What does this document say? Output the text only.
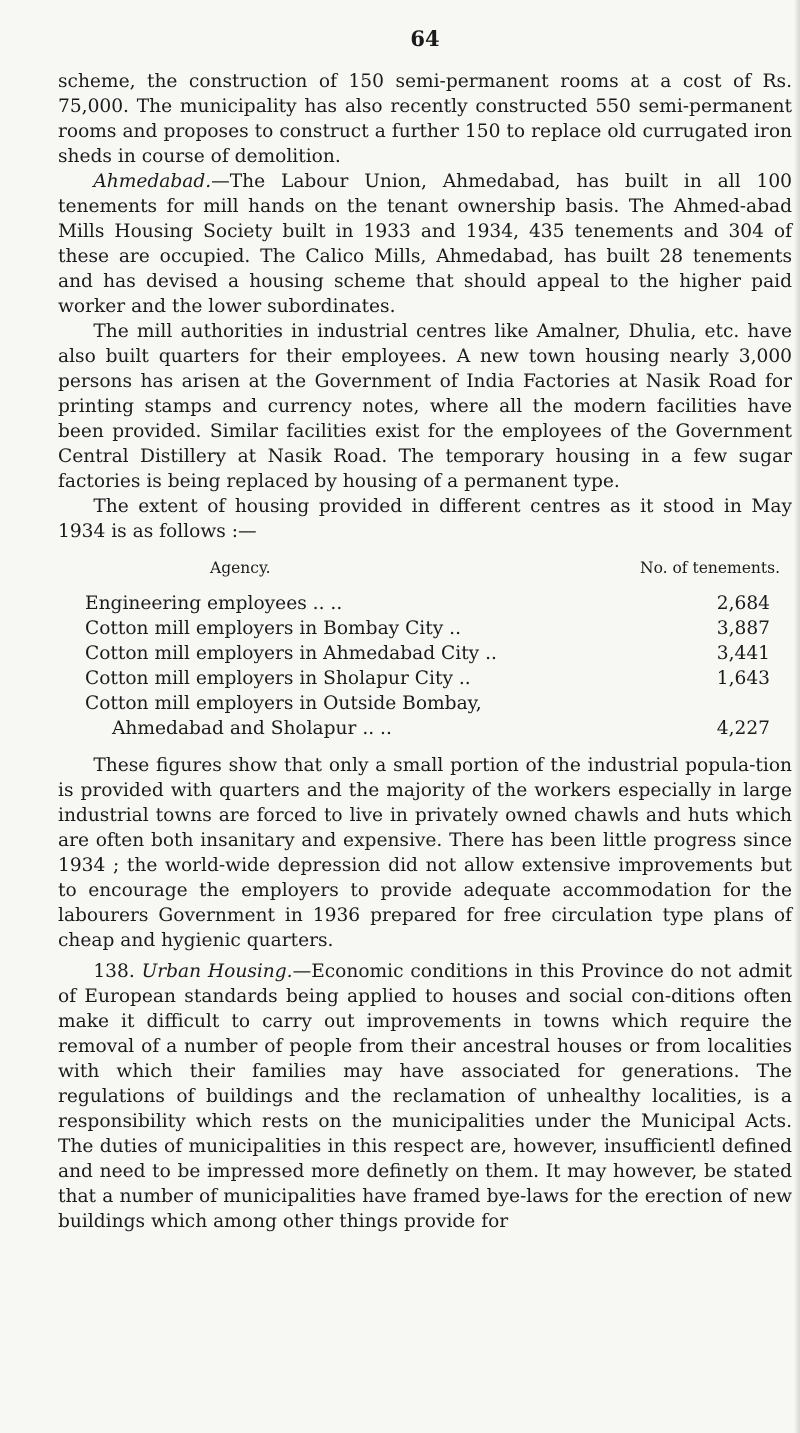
64

scheme, the construction of 150 semi-permanent rooms at a cost of Rs. 75,000. The municipality has also recently constructed 550 semi-permanent rooms and proposes to construct a further 150 to replace old currugated iron sheds in course of demolition.

Ahmedabad.—The Labour Union, Ahmedabad, has built in all 100 tenements for mill hands on the tenant ownership basis. The Ahmed-abad Mills Housing Society built in 1933 and 1934, 435 tenements and 304 of these are occupied. The Calico Mills, Ahmedabad, has built 28 tenements and has devised a housing scheme that should appeal to the higher paid worker and the lower subordinates.

The mill authorities in industrial centres like Amalner, Dhulia, etc. have also built quarters for their employees. A new town housing nearly 3,000 persons has arisen at the Government of India Factories at Nasik Road for printing stamps and currency notes, where all the modern facilities have been provided. Similar facilities exist for the employees of the Government Central Distillery at Nasik Road. The temporary housing in a few sugar factories is being replaced by housing of a permanent type.

The extent of housing provided in different centres as it stood in May 1934 is as follows :—

Agency.	No. of tenements.
Engineering employees .. ..	2,684
Cotton mill employers in Bombay City ..	3,887
Cotton mill employers in Ahmedabad City ..	3,441
Cotton mill employers in Sholapur City ..	1,643
Cotton mill employers in Outside Bombay,
Ahmedabad and Sholapur .. ..	4,227

These figures show that only a small portion of the industrial popula-tion is provided with quarters and the majority of the workers especially in large industrial towns are forced to live in privately owned chawls and huts which are often both insanitary and expensive. There has been little progress since 1934 ; the world-wide depression did not allow extensive improvements but to encourage the employers to provide adequate accommodation for the labourers Government in 1936 prepared for free circulation type plans of cheap and hygienic quarters.

138. Urban Housing.—Economic conditions in this Province do not admit of European standards being applied to houses and social con-ditions often make it difficult to carry out improvements in towns which require the removal of a number of people from their ancestral houses or from localities with which their families may have associated for generations. The regulations of buildings and the reclamation of unhealthy localities, is a responsibility which rests on the municipalities under the Municipal Acts. The duties of municipalities in this respect are, however, insufficientl defined and need to be impressed more definetly on them. It may however, be stated that a number of municipalities have framed bye-laws for the erection of new buildings which among other things provide for
